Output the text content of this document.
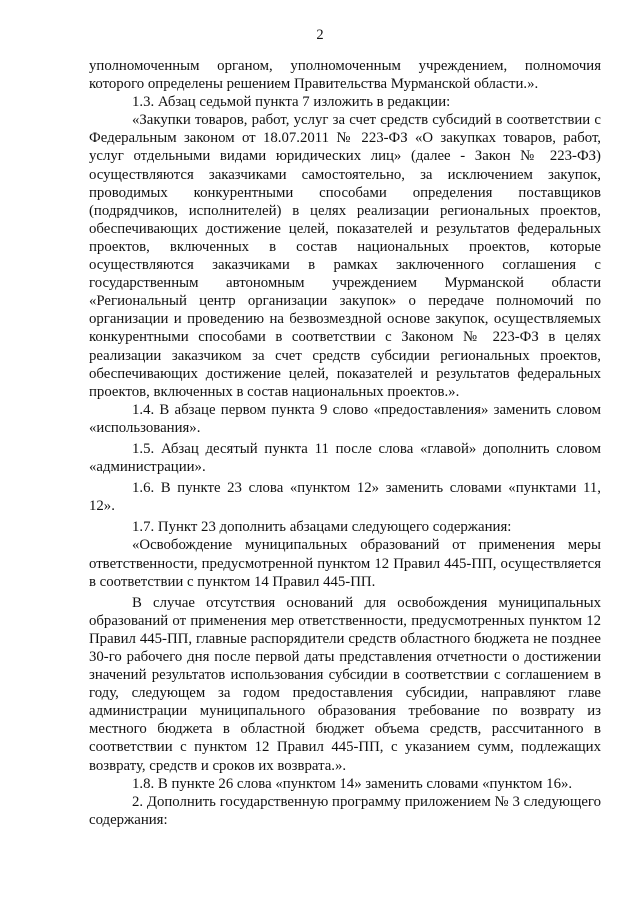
2

уполномоченным органом, уполномоченным учреждением, полномочия которого определены решением Правительства Мурманской области.».

1.3. Абзац седьмой пункта 7 изложить в редакции:

«Закупки товаров, работ, услуг за счет средств субсидий в соответствии с Федеральным законом от 18.07.2011 № 223-ФЗ «О закупках товаров, работ, услуг отдельными видами юридических лиц» (далее - Закон № 223-ФЗ) осуществляются заказчиками самостоятельно, за исключением закупок, проводимых конкурентными способами определения поставщиков (подрядчиков, исполнителей) в целях реализации региональных проектов, обеспечивающих достижение целей, показателей и результатов федеральных проектов, включенных в состав национальных проектов, которые осуществляются заказчиками в рамках заключенного соглашения с государственным автономным учреждением Мурманской области «Региональный центр организации закупок» о передаче полномочий по организации и проведению на безвозмездной основе закупок, осуществляемых конкурентными способами в соответствии с Законом № 223-ФЗ в целях реализации заказчиком за счет средств субсидии региональных проектов, обеспечивающих достижение целей, показателей и результатов федеральных проектов, включенных в состав национальных проектов.».

1.4. В абзаце первом пункта 9 слово «предоставления» заменить словом «использования».

1.5. Абзац десятый пункта 11 после слова «главой» дополнить словом «администрации».

1.6. В пункте 23 слова «пунктом 12» заменить словами «пунктами 11, 12».

1.7. Пункт 23 дополнить абзацами следующего содержания:

«Освобождение муниципальных образований от применения меры ответственности, предусмотренной пунктом 12 Правил 445-ПП, осуществляется в соответствии с пунктом 14 Правил 445-ПП.

В случае отсутствия оснований для освобождения муниципальных образований от применения мер ответственности, предусмотренных пунктом 12 Правил 445-ПП, главные распорядители средств областного бюджета не позднее 30-го рабочего дня после первой даты представления отчетности о достижении значений результатов использования субсидии в соответствии с соглашением в году, следующем за годом предоставления субсидии, направляют главе администрации муниципального образования требование по возврату из местного бюджета в областной бюджет объема средств, рассчитанного в соответствии с пунктом 12 Правил 445-ПП, с указанием сумм, подлежащих возврату, средств и сроков их возврата.».

1.8. В пункте 26 слова «пунктом 14» заменить словами «пунктом 16».

2. Дополнить государственную программу приложением № 3 следующего содержания:
